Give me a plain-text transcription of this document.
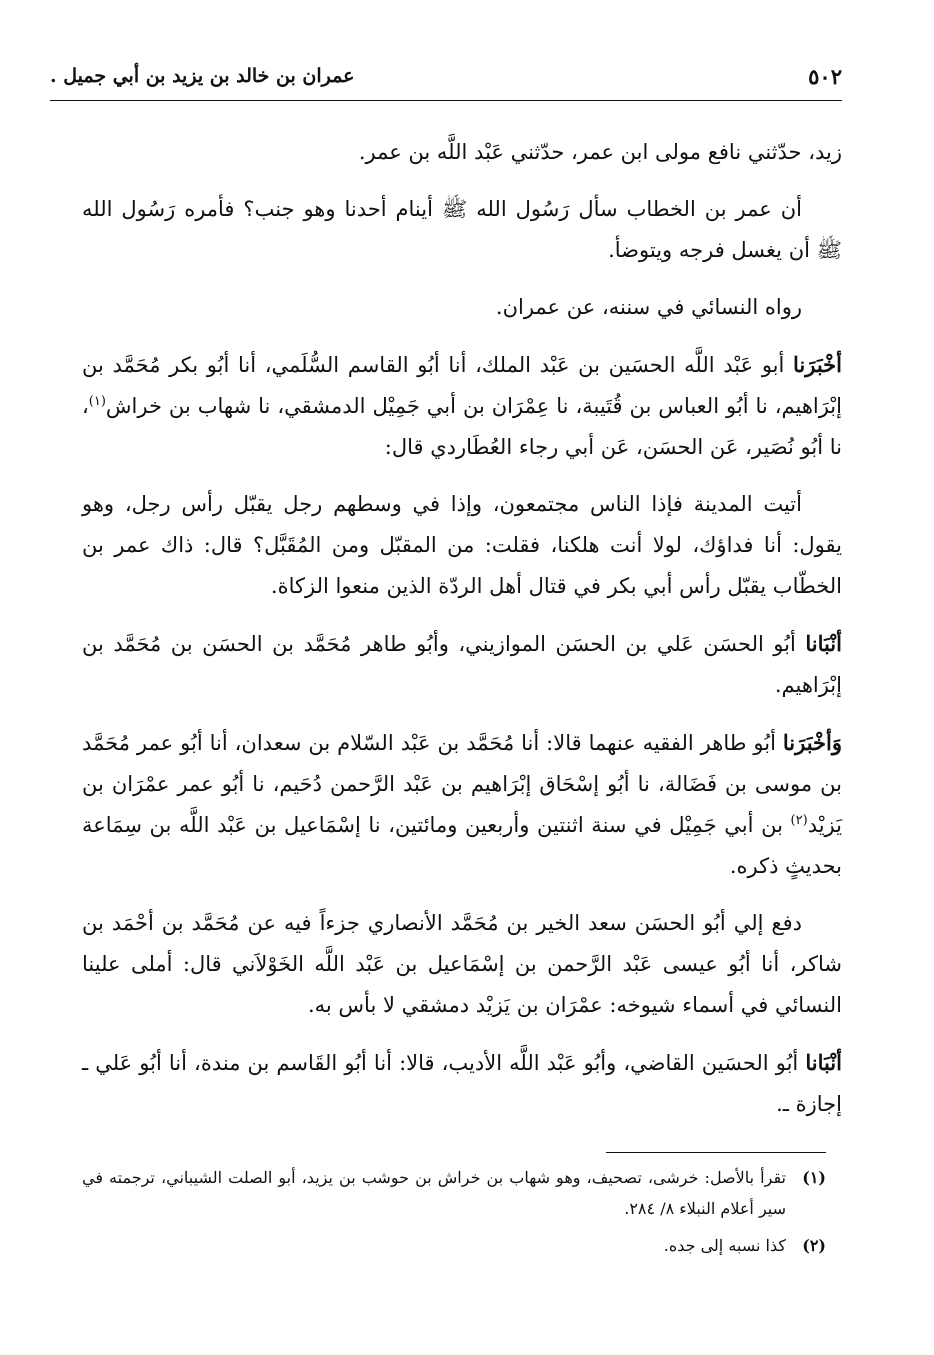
٥٠٢
عمران بن خالد بن يزيد بن أبي جميل .

زيد، حدّثني نافع مولى ابن عمر، حدّثني عَبْد اللَّه بن عمر.

أن عمر بن الخطاب سأل رَسُول الله ﷺ أينام أحدنا وهو جنب؟ فأمره رَسُول الله ﷺ أن يغسل فرجه ويتوضأ.

رواه النسائي في سننه، عن عمران.

أخْبَرَنا أبو عَبْد اللَّه الحسَين بن عَبْد الملك، أنا أبُو القاسم السُّلَمي، أنا أبُو بكر مُحَمَّد بن إبْرَاهيم، نا أبُو العباس بن قُتَيبة، نا عِمْرَان بن أبي جَمِيْل الدمشقي، نا شهاب بن خراش$^{(١)}$، نا أبُو نُصَير، عَن الحسَن، عَن أبي رجاء العُطَاردي قال:

أتيت المدينة فإذا الناس مجتمعون، وإذا في وسطهم رجل يقبّل رأس رجل، وهو يقول: أنا فداؤك، لولا أنت هلكنا، فقلت: من المقبّل ومن المُقَبَّل؟ قال: ذاك عمر بن الخطّاب يقبّل رأس أبي بكر في قتال أهل الردّة الذين منعوا الزكاة.

أنْبَانا أبُو الحسَن عَلي بن الحسَن الموازيني، وأبُو طاهر مُحَمَّد بن الحسَن بن مُحَمَّد بن إبْرَاهيم.

وَأخْبَرَنا أبُو طاهر الفقيه عنهما قالا: أنا مُحَمَّد بن عَبْد السّلام بن سعدان، أنا أبُو عمر مُحَمَّد بن موسى بن فَضَالة، نا أبُو إسْحَاق إبْرَاهيم بن عَبْد الرَّحمن دُحَيم، نا أبُو عمر عمْرَان بن يَزيْد$^{(٢)}$ بن أبي جَمِيْل في سنة اثنتين وأربعين ومائتين، نا إسْمَاعيل بن عَبْد اللَّه بن سِمَاعة بحديثٍ ذكره.

دفع إلي أبُو الحسَن سعد الخير بن مُحَمَّد الأنصاري جزءاً فيه عن مُحَمَّد بن أحْمَد بن شاكر، أنا أبُو عيسى عَبْد الرَّحمن بن إسْمَاعيل بن عَبْد اللَّه الخَوْلاَني قال: أملى علينا النسائي في أسماء شيوخه: عمْرَان بن يَزيْد دمشقي لا بأس به.

أنْبَانا أبُو الحسَين القاضي، وأبُو عَبْد اللَّه الأديب، قالا: أنا أبُو القَاسم بن مندة، أنا أبُو عَلي ـ إجازة ـ.

(١)
تقرأ بالأصل: خرشى، تصحيف، وهو شهاب بن خراش بن حوشب بن يزيد، أبو الصلت الشيباني، ترجمته في سير أعلام النبلاء ٨/ ٢٨٤.
(٢)
كذا نسبه إلى جده.
